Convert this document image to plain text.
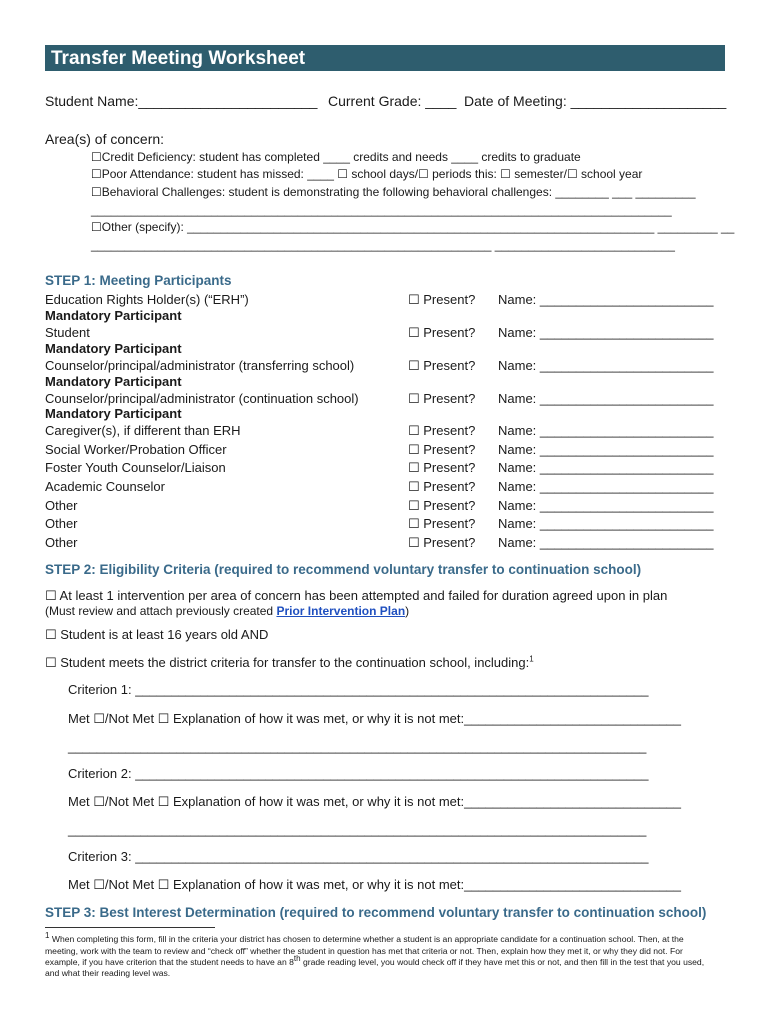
Transfer Meeting Worksheet
Student Name:_______________________ Current Grade: ____ Date of Meeting: ____________________
Area(s) of concern:
☐Credit Deficiency: student has completed ____ credits and needs ____ credits to graduate
☐Poor Attendance: student has missed: ____ ☐ school days/☐ periods this: ☐ semester/☐ school year
☐Behavioral Challenges: student is demonstrating the following behavioral challenges: ________ ___ _________
_______________________________________________________________________________________
☐Other (specify): ______________________________________________________________________ _________ __
____________________________________________________________ ___________________________
STEP 1: Meeting Participants
Education Rights Holder(s) (“ERH”)	☐ Present? Name: ________________________
Mandatory Participant
Student	☐ Present? Name: ________________________
Mandatory Participant
Counselor/principal/administrator (transferring school)	☐ Present? Name: ________________________
Mandatory Participant
Counselor/principal/administrator (continuation school)	☐ Present? Name: ________________________
Mandatory Participant
Caregiver(s), if different than ERH	☐ Present? Name: ________________________
Social Worker/Probation Officer	☐ Present? Name: ________________________
Foster Youth Counselor/Liaison	☐ Present? Name: ________________________
Academic Counselor	☐ Present? Name: ________________________
Other	☐ Present? Name: ________________________
Other	☐ Present? Name: ________________________
Other	☐ Present? Name: ________________________
STEP 2: Eligibility Criteria (required to recommend voluntary transfer to continuation school)
☐ At least 1 intervention per area of concern has been attempted and failed for duration agreed upon in plan
(Must review and attach previously created Prior Intervention Plan)
☐ Student is at least 16 years old AND
☐ Student meets the district criteria for transfer to the continuation school, including:$^1$
Criterion 1: _______________________________________________________________________
Met ☐/Not Met ☐ Explanation of how it was met, or why it is not met:______________________________
________________________________________________________________________________
Criterion 2: _______________________________________________________________________
Met ☐/Not Met ☐ Explanation of how it was met, or why it is not met:______________________________
________________________________________________________________________________
Criterion 3: _______________________________________________________________________
Met ☐/Not Met ☐ Explanation of how it was met, or why it is not met:______________________________
STEP 3: Best Interest Determination (required to recommend voluntary transfer to continuation school)
$^1$ When completing this form, fill in the criteria your district has chosen to determine whether a student is an appropriate candidate for a continuation school. Then, at the
meeting, work with the team to review and “check off” whether the student in question has met that criteria or not. Then, explain how they met it, or why they did not. For
example, if you have criterion that the student needs to have an 8th grade reading level, you would check off if they have met this or not, and then fill in the test that you used,
and what their reading level was.
